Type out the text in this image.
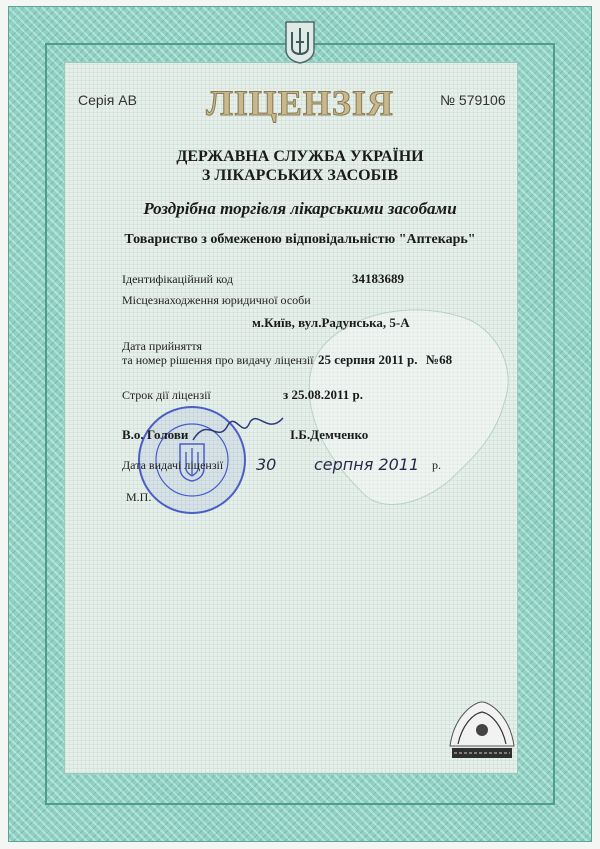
Серія АВ ЛІЦЕНЗІЯ	№ 579106
ДЕРЖАВНА СЛУЖБА УКРАЇНИ
З ЛІКАРСЬКИХ ЗАСОБІВ
Роздрібна торгівля лікарськими засобами
Товариство з обмеженою відповідальністю "Аптекарь"
Ідентифікаційний код	34183689
Місцезнаходження юридичної особи
м.Київ, вул.Радунська, 5-А
Дата прийняття
та номер рішення про видачу ліцензії 25 серпня 2011 р. №68
Строк дії ліцензії	з 25.08.2011 р.
В.о. Голови	І.Б.Демченко
Дата видачі ліцензії 30 серпня 2011 р.
М.П.
